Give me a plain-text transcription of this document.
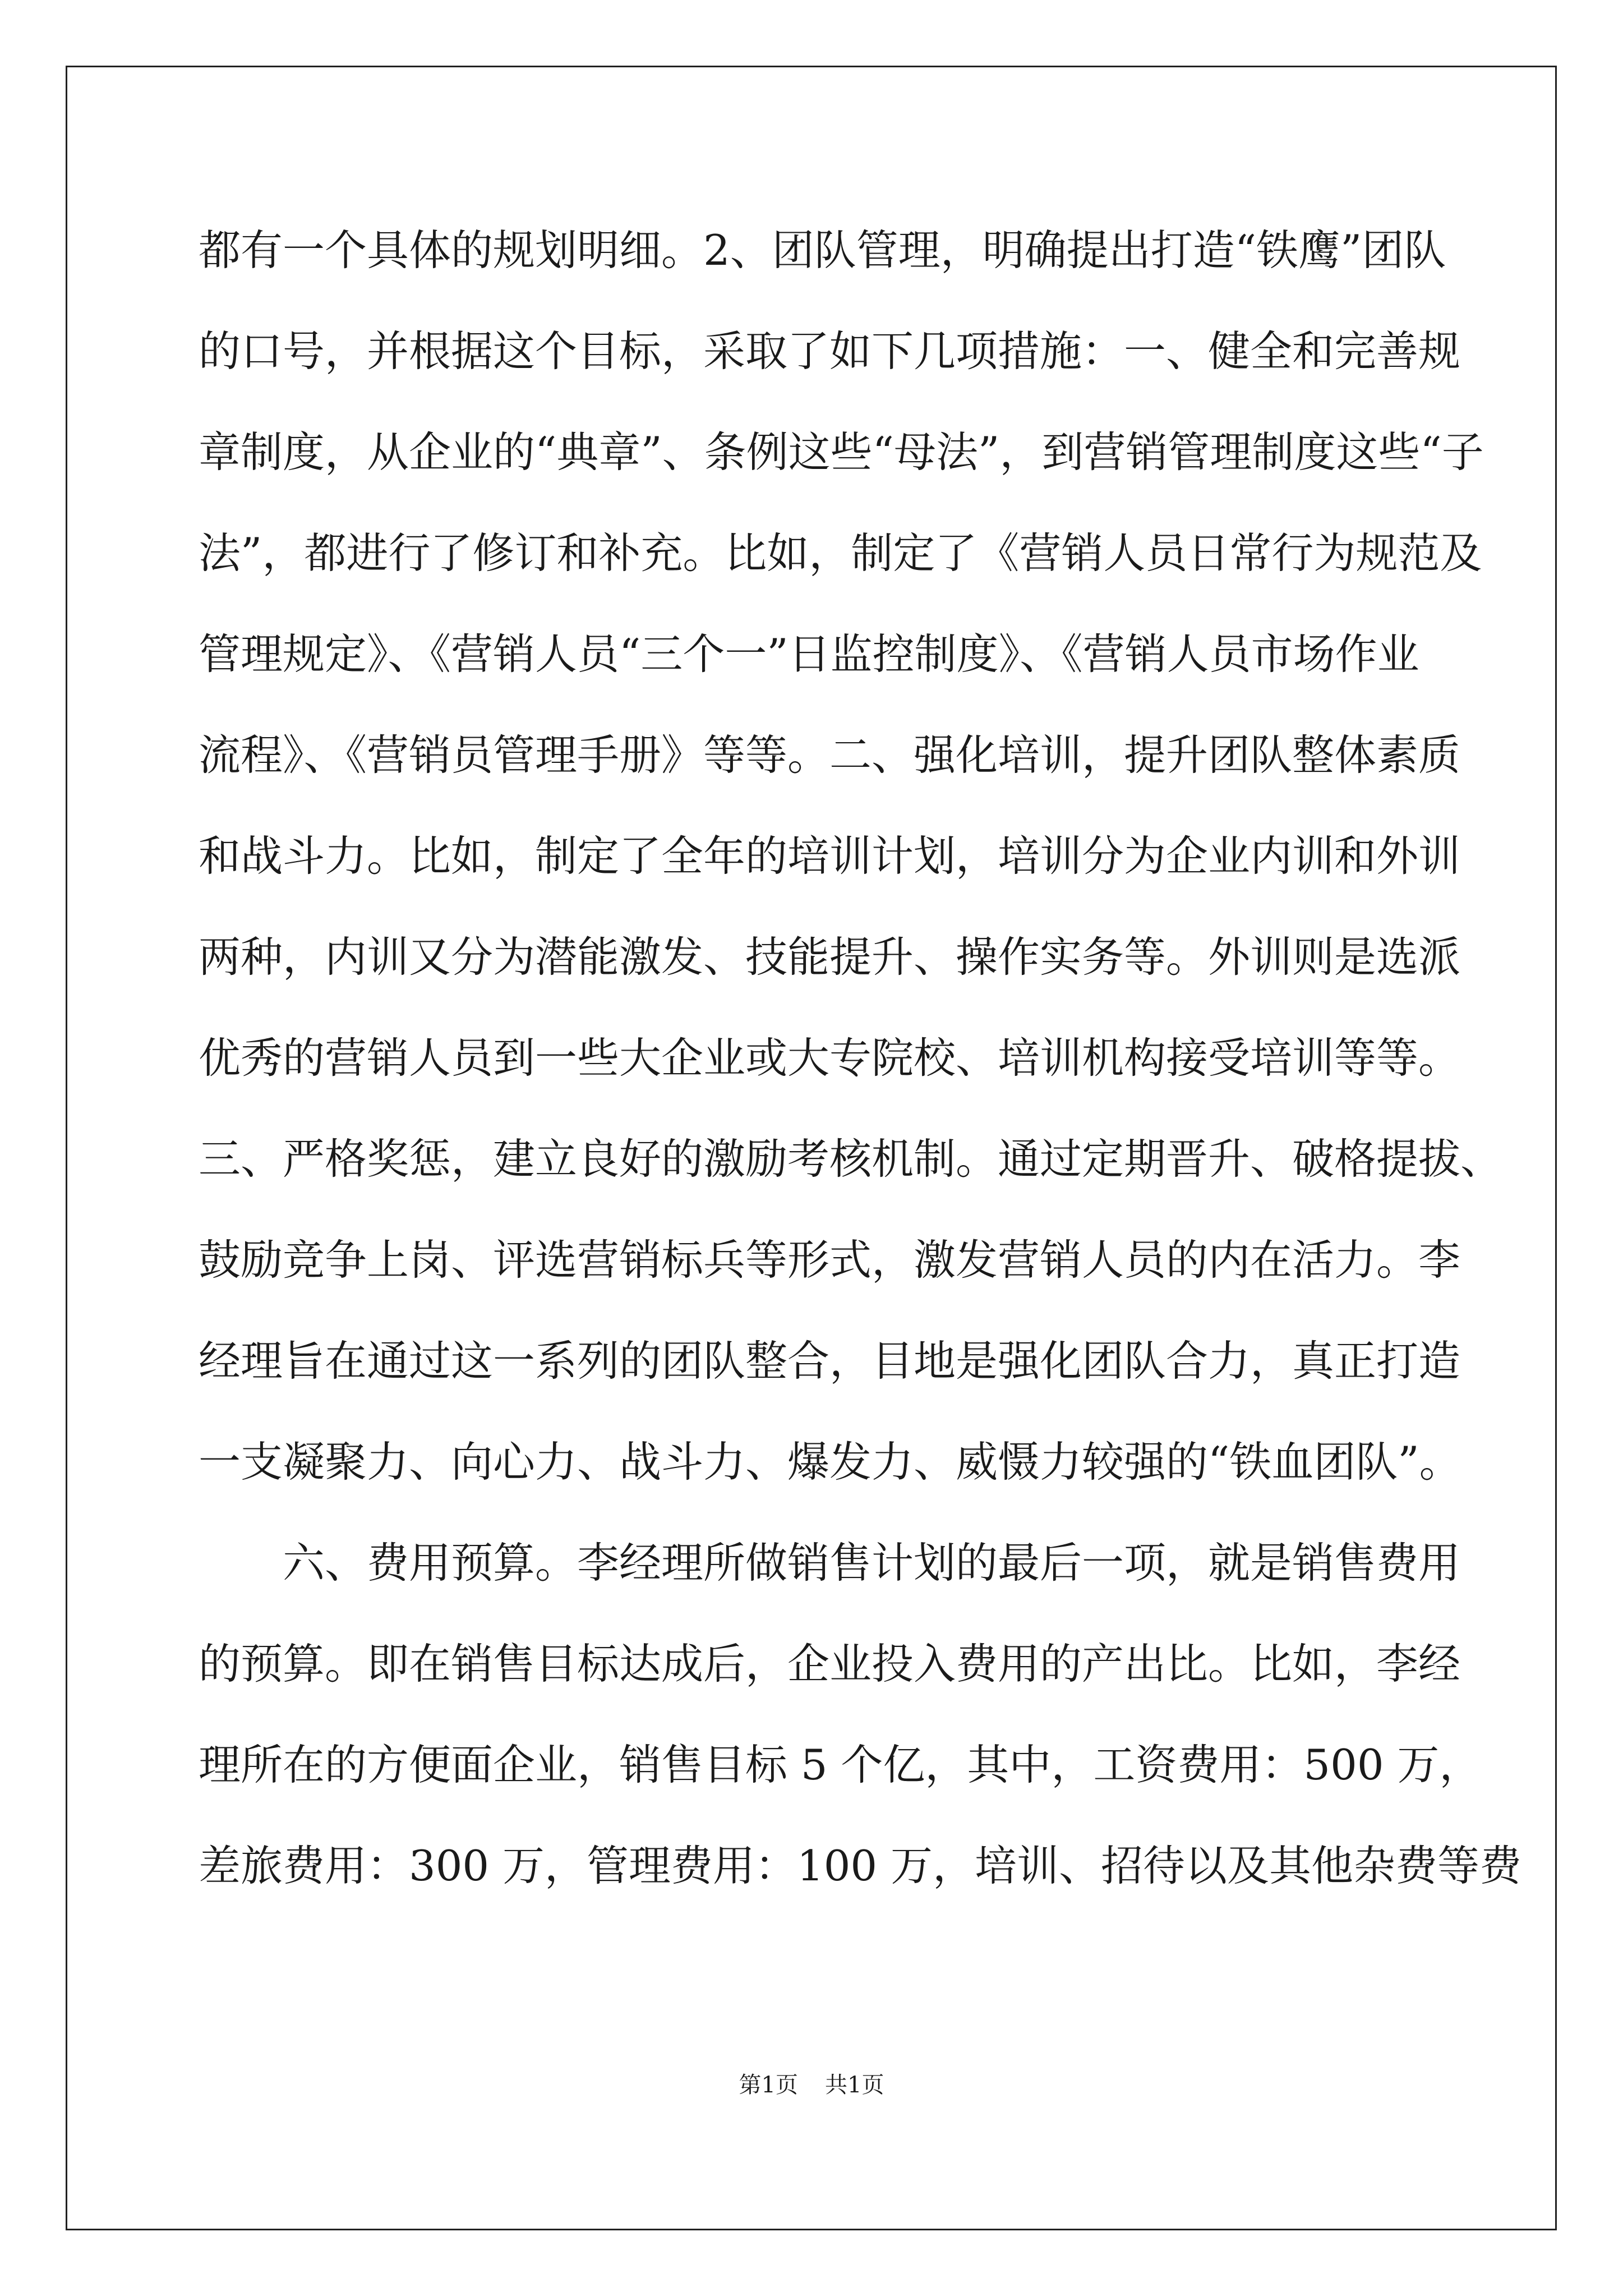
都有一个具体的规划明细。2、团队管理，明确提出打造“铁鹰”团队
的口号，并根据这个目标，采取了如下几项措施：一、健全和完善规
章制度，从企业的“典章”、条例这些“母法”，到营销管理制度这些“子
法”，都进行了修订和补充。比如，制定了《营销人员日常行为规范及
管理规定》、《营销人员“三个一”日监控制度》、《营销人员市场作业
流程》、《营销员管理手册》等等。二、强化培训，提升团队整体素质
和战斗力。比如，制定了全年的培训计划，培训分为企业内训和外训
两种，内训又分为潜能激发、技能提升、操作实务等。外训则是选派
优秀的营销人员到一些大企业或大专院校、培训机构接受培训等等。
三、严格奖惩，建立良好的激励考核机制。通过定期晋升、破格提拔、
鼓励竞争上岗、评选营销标兵等形式，激发营销人员的内在活力。李
经理旨在通过这一系列的团队整合，目地是强化团队合力，真正打造
一支凝聚力、向心力、战斗力、爆发力、威慑力较强的“铁血团队”。
六、费用预算。李经理所做销售计划的最后一项，就是销售费用
的预算。即在销售目标达成后，企业投入费用的产出比。比如，李经
理所在的方便面企业，销售目标 5 个亿，其中，工资费用：500 万，
差旅费用：300 万，管理费用：100 万，培训、招待以及其他杂费等费
第1页 共1页
